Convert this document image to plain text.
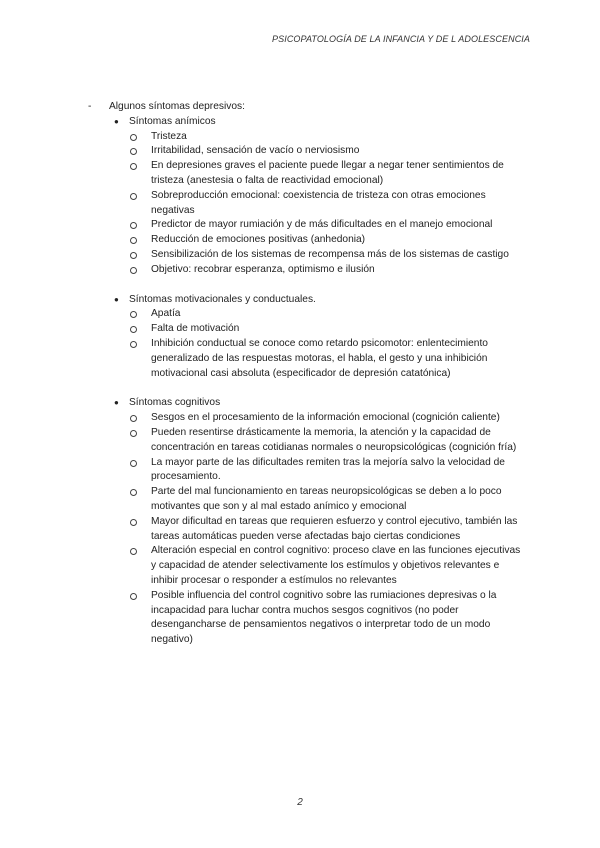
PSICOPATOLOGÍA DE LA INFANCIA Y DE L ADOLESCENCIA
- Algunos síntomas depresivos:
● Síntomas anímicos
Tristeza
Irritabilidad, sensación de vacío o nerviosismo
En depresiones graves el paciente puede llegar a negar tener sentimientos de tristeza (anestesia o falta de reactividad emocional)
Sobreproducción emocional: coexistencia de tristeza con otras emociones negativas
Predictor de mayor rumiación y de más dificultades en el manejo emocional
Reducción de emociones positivas (anhedonia)
Sensibilización de los sistemas de recompensa más de los sistemas de castigo
Objetivo: recobrar esperanza, optimismo e ilusión
● Síntomas motivacionales y conductuales.
Apatía
Falta de motivación
Inhibición conductual se conoce como retardo psicomotor: enlentecimiento generalizado de las respuestas motoras, el habla, el gesto y una inhibición motivacional casi absoluta (especificador de depresión catatónica)
● Síntomas cognitivos
Sesgos en el procesamiento de la información emocional (cognición caliente)
Pueden resentirse drásticamente la memoria, la atención y la capacidad de concentración en tareas cotidianas normales o neuropsicológicas (cognición fría)
La mayor parte de las dificultades remiten tras la mejoría salvo la velocidad de procesamiento.
Parte del mal funcionamiento en tareas neuropsicológicas se deben a lo poco motivantes que son y al mal estado anímico y emocional
Mayor dificultad en tareas que requieren esfuerzo y control ejecutivo, también las tareas automáticas pueden verse afectadas bajo ciertas condiciones
Alteración especial en control cognitivo: proceso clave en las funciones ejecutivas y capacidad de atender selectivamente los estímulos y objetivos relevantes e inhibir procesar o responder a estímulos no relevantes
Posible influencia del control cognitivo sobre las rumiaciones depresivas o la incapacidad para luchar contra muchos sesgos cognitivos (no poder desengancharse de pensamientos negativos o interpretar todo de un modo negativo)
2
